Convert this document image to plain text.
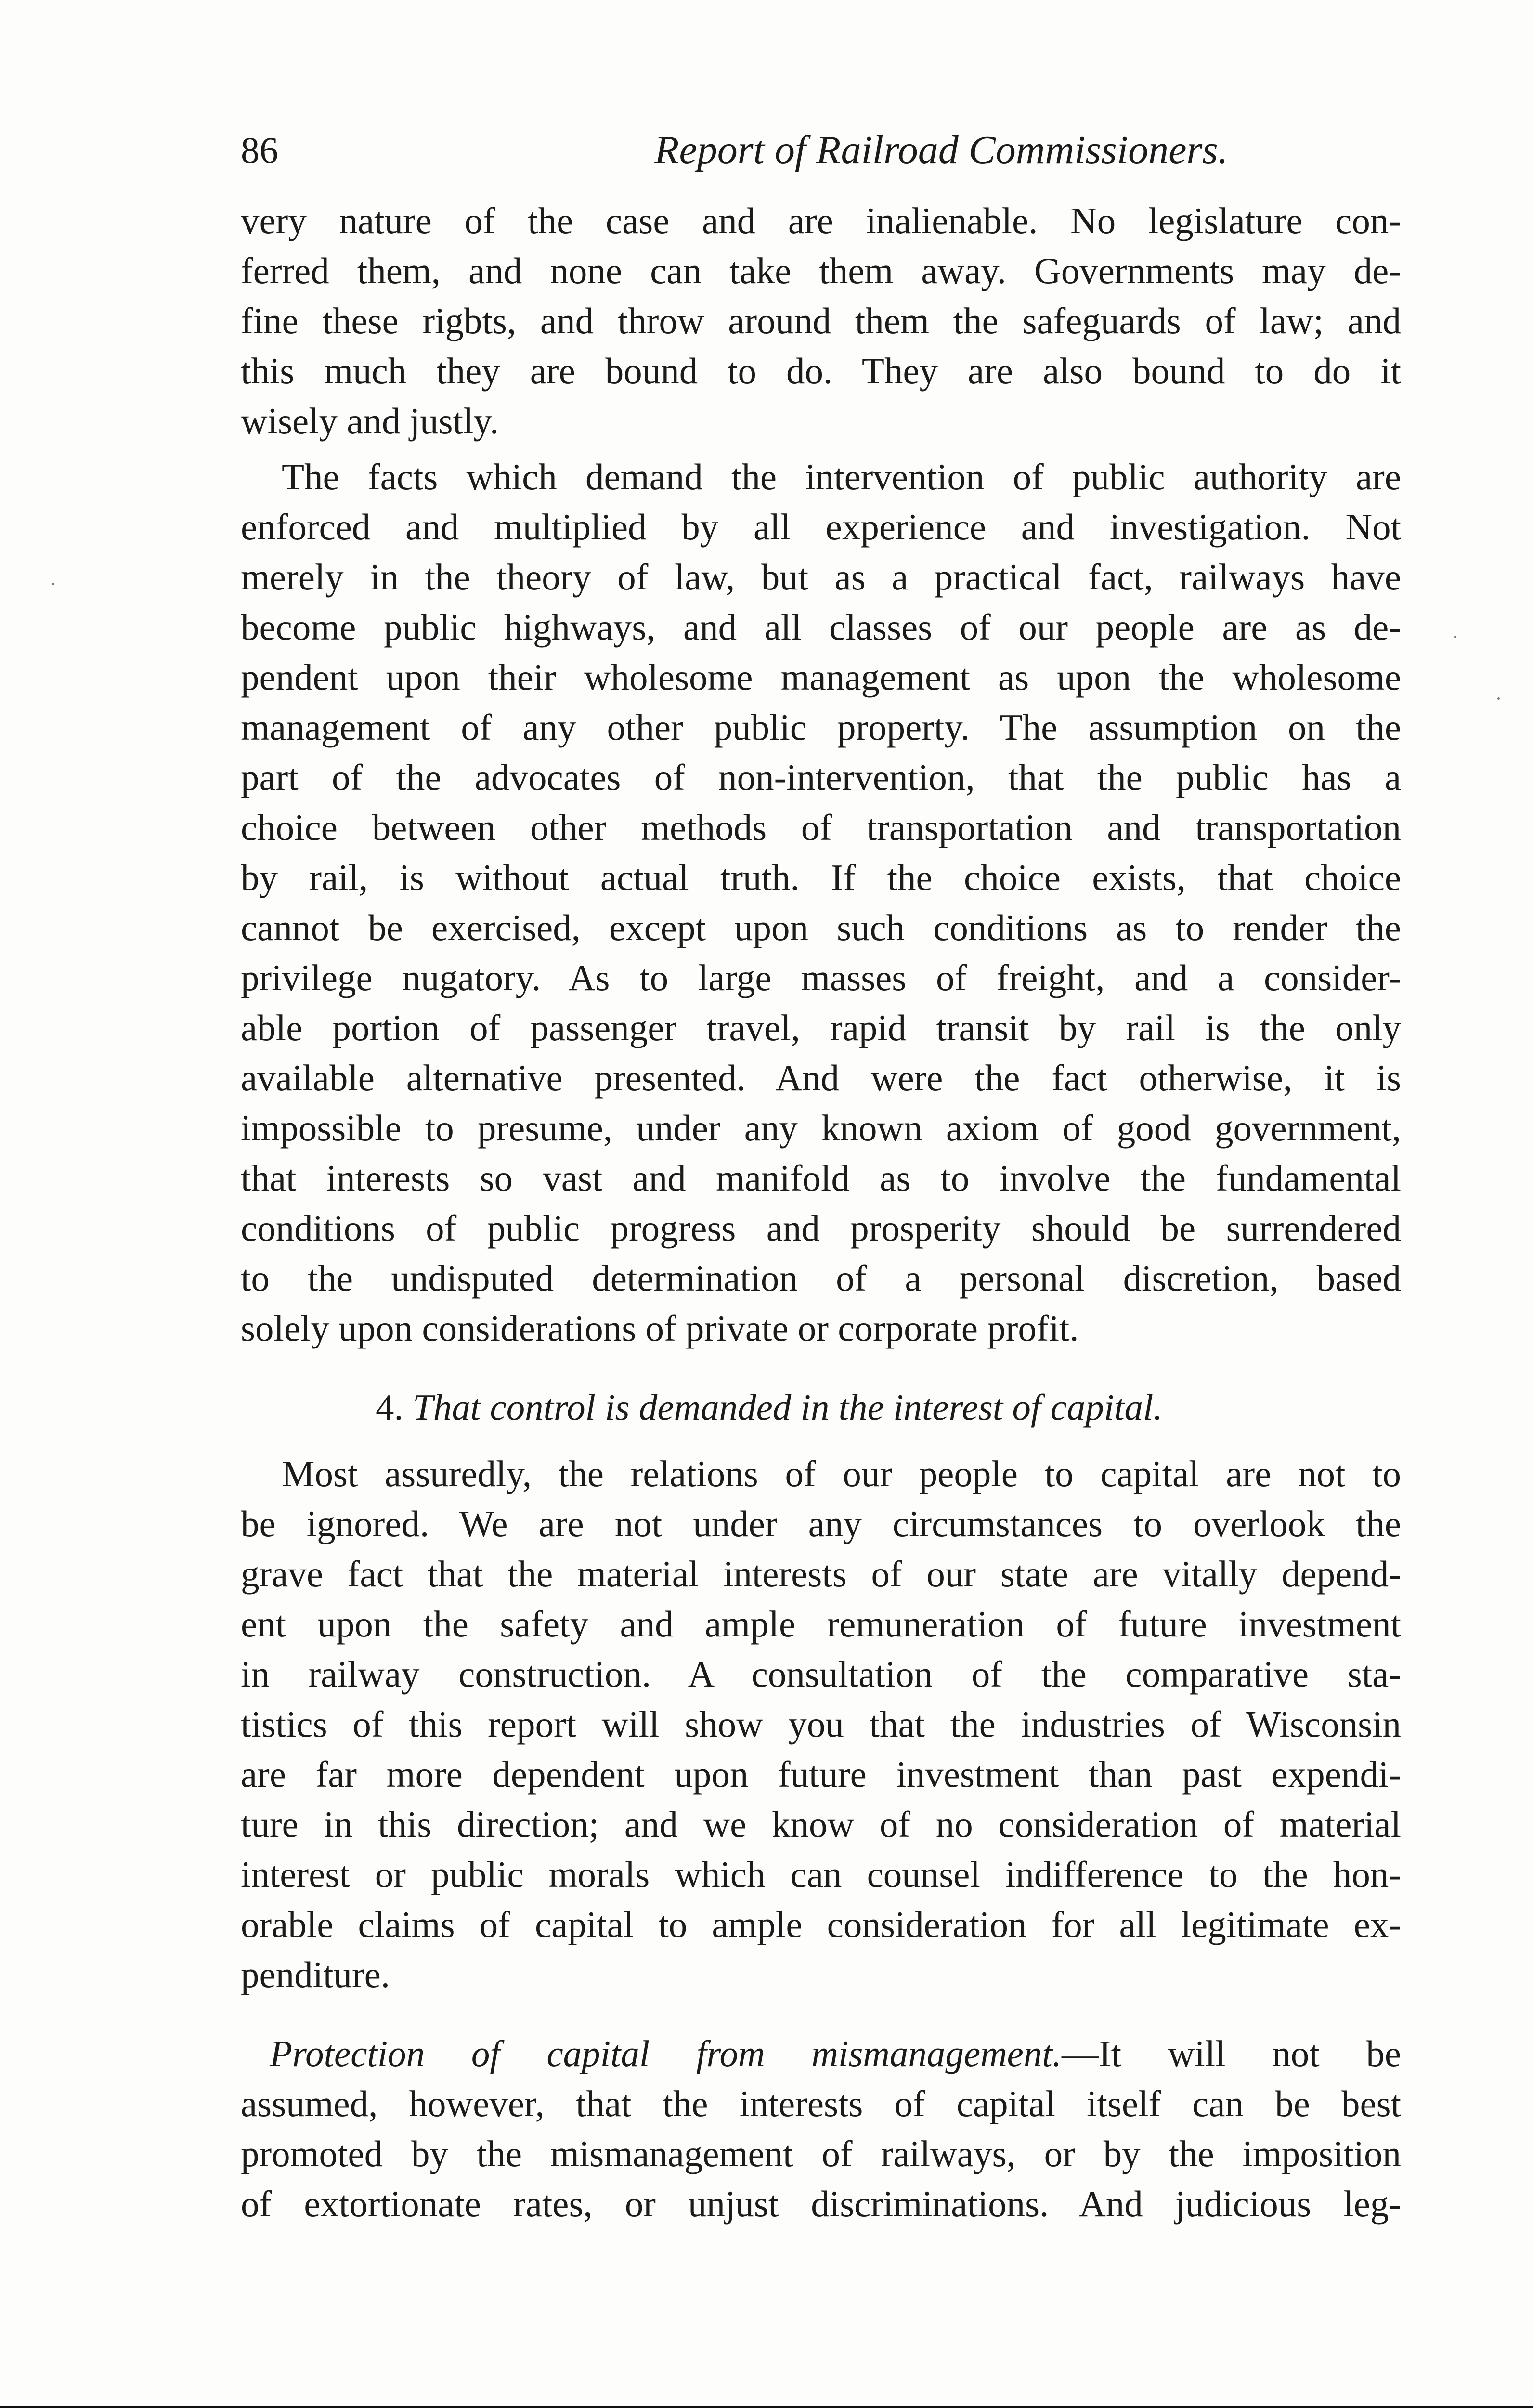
86	Report of Railroad Commissioners.
very nature of the case and are inalienable. No legislature con-
ferred them, and none can take them away. Governments may de-
fine these rigbts, and throw around them the safeguards of law; and
this much they are bound to do. They are also bound to do it
wisely and justly.
The facts which demand the intervention of public authority are
enforced and multiplied by all experience and investigation. Not
merely in the theory of law, but as a practical fact, railways have
become public highways, and all classes of our people are as de-
pendent upon their wholesome management as upon the wholesome
management of any other public property. The assumption on the
part of the advocates of non-intervention, that the public has a
choice between other methods of transportation and transportation
by rail, is without actual truth. If the choice exists, that choice
cannot be exercised, except upon such conditions as to render the
privilege nugatory. As to large masses of freight, and a consider-
able portion of passenger travel, rapid transit by rail is the only
available alternative presented. And were the fact otherwise, it is
impossible to presume, under any known axiom of good government,
that interests so vast and manifold as to involve the fundamental
conditions of public progress and prosperity should be surrendered
to the undisputed determination of a personal discretion, based
solely upon considerations of private or corporate profit.
4. That control is demanded in the interest of capital.
Most assuredly, the relations of our people to capital are not to
be ignored. We are not under any circumstances to overlook the
grave fact that the material interests of our state are vitally depend-
ent upon the safety and ample remuneration of future investment
in railway construction. A consultation of the comparative sta-
tistics of this report will show you that the industries of Wisconsin
are far more dependent upon future investment than past expendi-
ture in this direction; and we know of no consideration of material
interest or public morals which can counsel indifference to the hon-
orable claims of capital to ample consideration for all legitimate ex-
penditure.
Protection of capital from mismanagement.—It will not be
assumed, however, that the interests of capital itself can be best
promoted by the mismanagement of railways, or by the imposition
of extortionate rates, or unjust discriminations. And judicious leg-
